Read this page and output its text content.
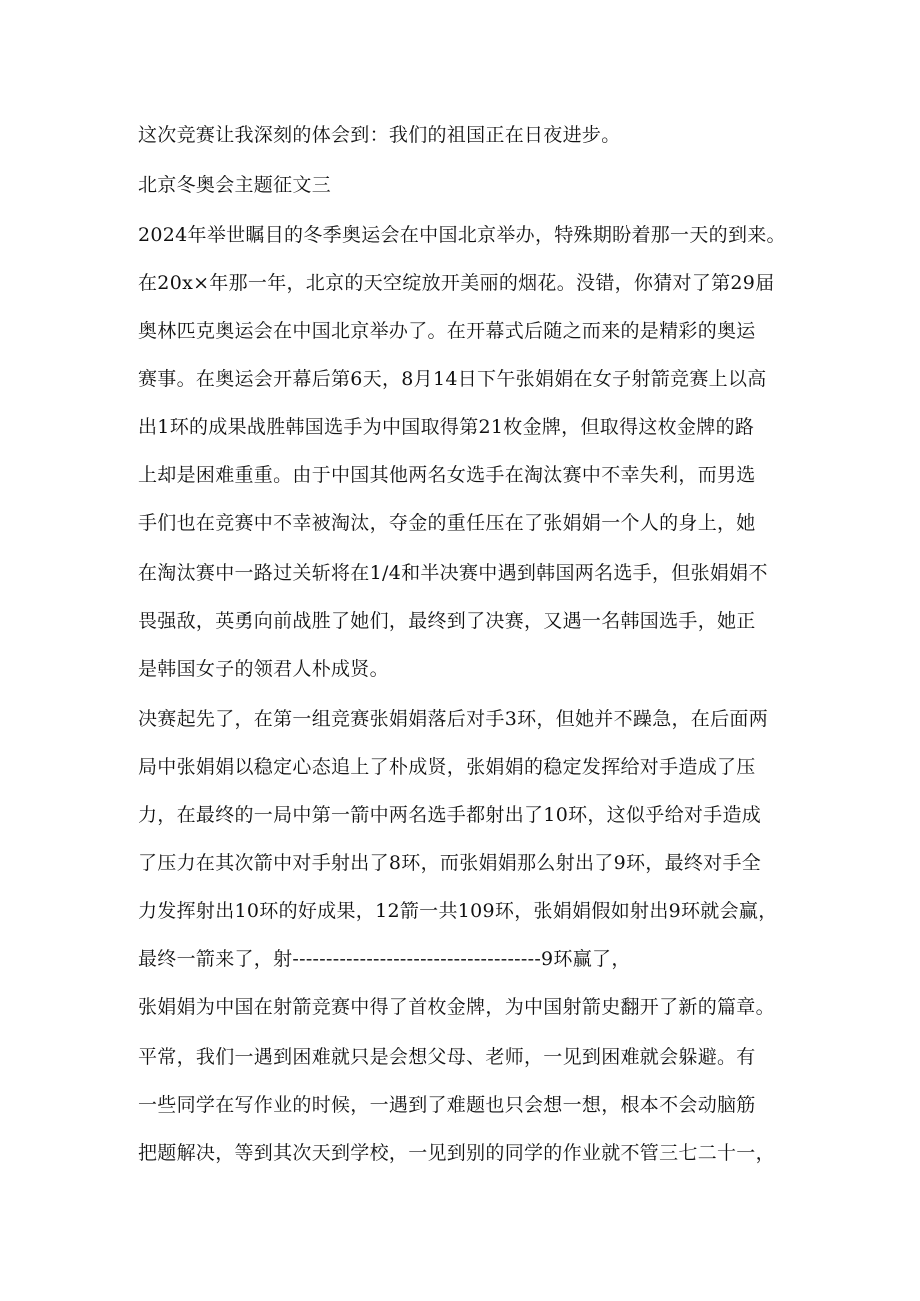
这次竞赛让我深刻的体会到：我们的祖国正在日夜进步。
北京冬奥会主题征文三
2024年举世瞩目的冬季奥运会在中国北京举办，特殊期盼着那一天的到来。
在20x×年那一年，北京的天空绽放开美丽的烟花。没错，你猜对了第29届
奥林匹克奥运会在中国北京举办了。在开幕式后随之而来的是精彩的奥运
赛事。在奥运会开幕后第6天，8月14日下午张娟娟在女子射箭竞赛上以高
出1环的成果战胜韩国选手为中国取得第21枚金牌，但取得这枚金牌的路
上却是困难重重。由于中国其他两名女选手在淘汰赛中不幸失利，而男选
手们也在竞赛中不幸被淘汰，夺金的重任压在了张娟娟一个人的身上，她
在淘汰赛中一路过关斩将在1/4和半决赛中遇到韩国两名选手，但张娟娟不
畏强敌，英勇向前战胜了她们，最终到了决赛，又遇一名韩国选手，她正
是韩国女子的领君人朴成贤。
决赛起先了，在第一组竞赛张娟娟落后对手3环，但她并不躁急，在后面两
局中张娟娟以稳定心态追上了朴成贤，张娟娟的稳定发挥给对手造成了压
力，在最终的一局中第一箭中两名选手都射出了10环，这似乎给对手造成
了压力在其次箭中对手射出了8环，而张娟娟那么射出了9环，最终对手全
力发挥射出10环的好成果，12箭一共109环，张娟娟假如射出9环就会赢，
最终一箭来了，射-------------------------------------9环赢了，
张娟娟为中国在射箭竞赛中得了首枚金牌，为中国射箭史翻开了新的篇章。
平常，我们一遇到困难就只是会想父母、老师，一见到困难就会躲避。有
一些同学在写作业的时候，一遇到了难题也只会想一想，根本不会动脑筋
把题解决，等到其次天到学校，一见到别的同学的作业就不管三七二十一，
